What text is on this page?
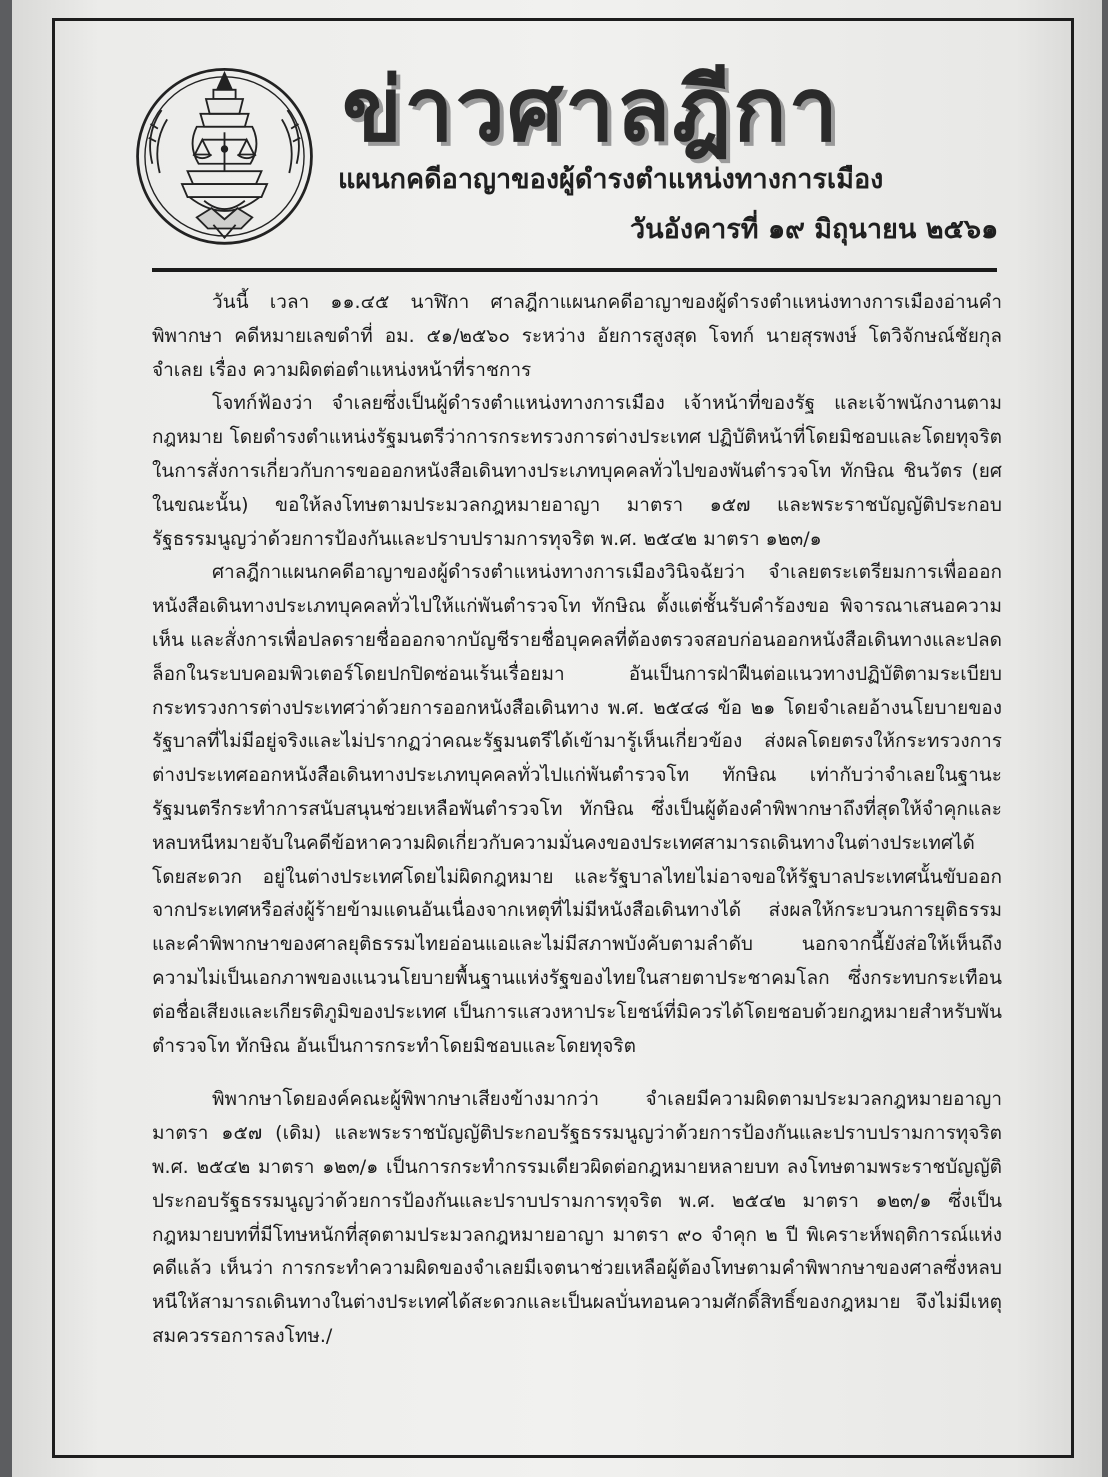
ข่าวศาลฎีกา
แผนกคดีอาญาของผู้ดำรงตำแหน่งทางการเมือง
วันอังคารที่ ๑๙ มิถุนายน ๒๕๖๑

วันนี้ เวลา ๑๑.๔๕ นาฬิกา ศาลฎีกาแผนกคดีอาญาของผู้ดำรงตำแหน่งทางการเมืองอ่านคำพิพากษา คดีหมายเลขดำที่ อม. ๕๑/๒๕๖๐ ระหว่าง อัยการสูงสุด โจทก์ นายสุรพงษ์ โตวิจักษณ์ชัยกุล จำเลย เรื่อง ความผิดต่อตำแหน่งหน้าที่ราชการ

โจทก์ฟ้องว่า จำเลยซึ่งเป็นผู้ดำรงตำแหน่งทางการเมือง เจ้าหน้าที่ของรัฐ และเจ้าพนักงานตามกฎหมาย โดยดำรงตำแหน่งรัฐมนตรีว่าการกระทรวงการต่างประเทศ ปฏิบัติหน้าที่โดยมิชอบและโดยทุจริต ในการสั่งการเกี่ยวกับการขอออกหนังสือเดินทางประเภทบุคคลทั่วไปของพันตำรวจโท ทักษิณ ชินวัตร (ยศในขณะนั้น) ขอให้ลงโทษตามประมวลกฎหมายอาญา มาตรา ๑๕๗ และพระราชบัญญัติประกอบรัฐธรรมนูญว่าด้วยการป้องกันและปราบปรามการทุจริต พ.ศ. ๒๕๔๒ มาตรา ๑๒๓/๑

ศาลฎีกาแผนกคดีอาญาของผู้ดำรงตำแหน่งทางการเมืองวินิจฉัยว่า จำเลยตระเตรียมการเพื่อออกหนังสือเดินทางประเภทบุคคลทั่วไปให้แก่พันตำรวจโท ทักษิณ ตั้งแต่ชั้นรับคำร้องขอ พิจารณาเสนอความเห็น และสั่งการเพื่อปลดรายชื่อออกจากบัญชีรายชื่อบุคคลที่ต้องตรวจสอบก่อนออกหนังสือเดินทางและปลดล็อกในระบบคอมพิวเตอร์โดยปกปิดซ่อนเร้นเรื่อยมา อันเป็นการฝ่าฝืนต่อแนวทางปฏิบัติตามระเบียบกระทรวงการต่างประเทศว่าด้วยการออกหนังสือเดินทาง พ.ศ. ๒๕๔๘ ข้อ ๒๑ โดยจำเลยอ้างนโยบายของรัฐบาลที่ไม่มีอยู่จริงและไม่ปรากฏว่าคณะรัฐมนตรีได้เข้ามารู้เห็นเกี่ยวข้อง ส่งผลโดยตรงให้กระทรวงการต่างประเทศออกหนังสือเดินทางประเภทบุคคลทั่วไปแก่พันตำรวจโท ทักษิณ เท่ากับว่าจำเลยในฐานะรัฐมนตรีกระทำการสนับสนุนช่วยเหลือพันตำรวจโท ทักษิณ ซึ่งเป็นผู้ต้องคำพิพากษาถึงที่สุดให้จำคุกและหลบหนีหมายจับในคดีข้อหาความผิดเกี่ยวกับความมั่นคงของประเทศสามารถเดินทางในต่างประเทศได้โดยสะดวก อยู่ในต่างประเทศโดยไม่ผิดกฎหมาย และรัฐบาลไทยไม่อาจขอให้รัฐบาลประเทศนั้นขับออกจากประเทศหรือส่งผู้ร้ายข้ามแดนอันเนื่องจากเหตุที่ไม่มีหนังสือเดินทางได้ ส่งผลให้กระบวนการยุติธรรมและคำพิพากษาของศาลยุติธรรมไทยอ่อนแอและไม่มีสภาพบังคับตามลำดับ นอกจากนี้ยังส่อให้เห็นถึงความไม่เป็นเอกภาพของแนวนโยบายพื้นฐานแห่งรัฐของไทยในสายตาประชาคมโลก ซึ่งกระทบกระเทือนต่อชื่อเสียงและเกียรติภูมิของประเทศ เป็นการแสวงหาประโยชน์ที่มิควรได้โดยชอบด้วยกฎหมายสำหรับพันตำรวจโท ทักษิณ อันเป็นการกระทำโดยมิชอบและโดยทุจริต

พิพากษาโดยองค์คณะผู้พิพากษาเสียงข้างมากว่า จำเลยมีความผิดตามประมวลกฎหมายอาญา มาตรา ๑๕๗ (เดิม) และพระราชบัญญัติประกอบรัฐธรรมนูญว่าด้วยการป้องกันและปราบปรามการทุจริต พ.ศ. ๒๕๔๒ มาตรา ๑๒๓/๑ เป็นการกระทำกรรมเดียวผิดต่อกฎหมายหลายบท ลงโทษตามพระราชบัญญัติประกอบรัฐธรรมนูญว่าด้วยการป้องกันและปราบปรามการทุจริต พ.ศ. ๒๕๔๒ มาตรา ๑๒๓/๑ ซึ่งเป็นกฎหมายบทที่มีโทษหนักที่สุดตามประมวลกฎหมายอาญา มาตรา ๙๐ จำคุก ๒ ปี พิเคราะห์พฤติการณ์แห่งคดีแล้ว เห็นว่า การกระทำความผิดของจำเลยมีเจตนาช่วยเหลือผู้ต้องโทษตามคำพิพากษาของศาลซึ่งหลบหนีให้สามารถเดินทางในต่างประเทศได้สะดวกและเป็นผลบั่นทอนความศักดิ์สิทธิ์ของกฎหมาย จึงไม่มีเหตุสมควรรอการลงโทษ./
